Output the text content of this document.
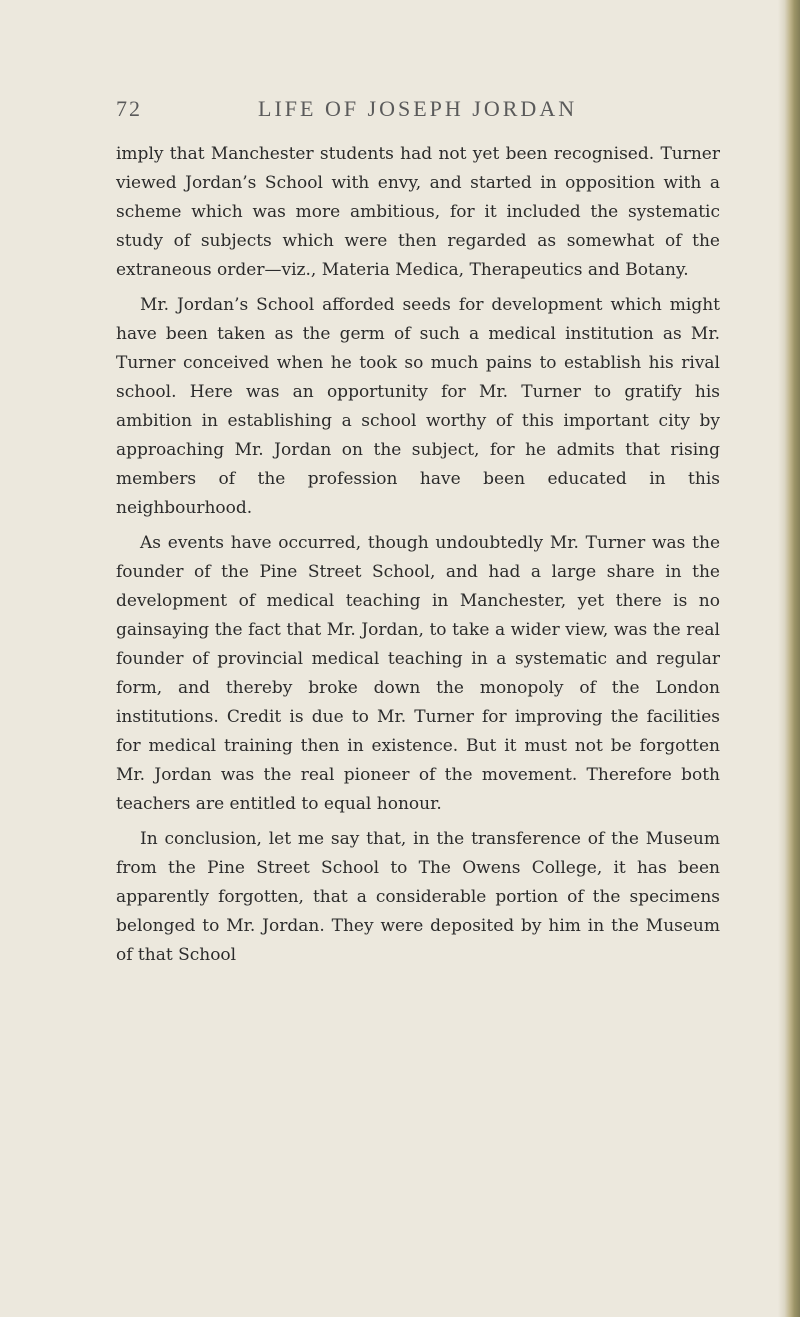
72	LIFE OF JOSEPH JORDAN

imply that Manchester students had not yet been recognised. Turner viewed Jordan’s School with envy, and started in opposition with a scheme which was more ambitious, for it included the systematic study of subjects which were then regarded as somewhat of the extraneous order—viz., Materia Medica, Therapeutics and Botany.

Mr. Jordan’s School afforded seeds for development which might have been taken as the germ of such a medical institution as Mr. Turner conceived when he took so much pains to establish his rival school. Here was an opportunity for Mr. Turner to gratify his ambition in establishing a school worthy of this important city by approaching Mr. Jordan on the subject, for he admits that rising members of the profession have been educated in this neighbourhood.

As events have occurred, though undoubtedly Mr. Turner was the founder of the Pine Street School, and had a large share in the development of medical teaching in Manchester, yet there is no gainsaying the fact that Mr. Jordan, to take a wider view, was the real founder of provincial medical teaching in a systematic and regular form, and thereby broke down the monopoly of the London institutions. Credit is due to Mr. Turner for improving the facilities for medical training then in existence. But it must not be forgotten Mr. Jordan was the real pioneer of the movement. Therefore both teachers are entitled to equal honour.

In conclusion, let me say that, in the transference of the Museum from the Pine Street School to The Owens College, it has been apparently forgotten, that a considerable portion of the specimens belonged to Mr. Jordan. They were deposited by him in the Museum of that School
